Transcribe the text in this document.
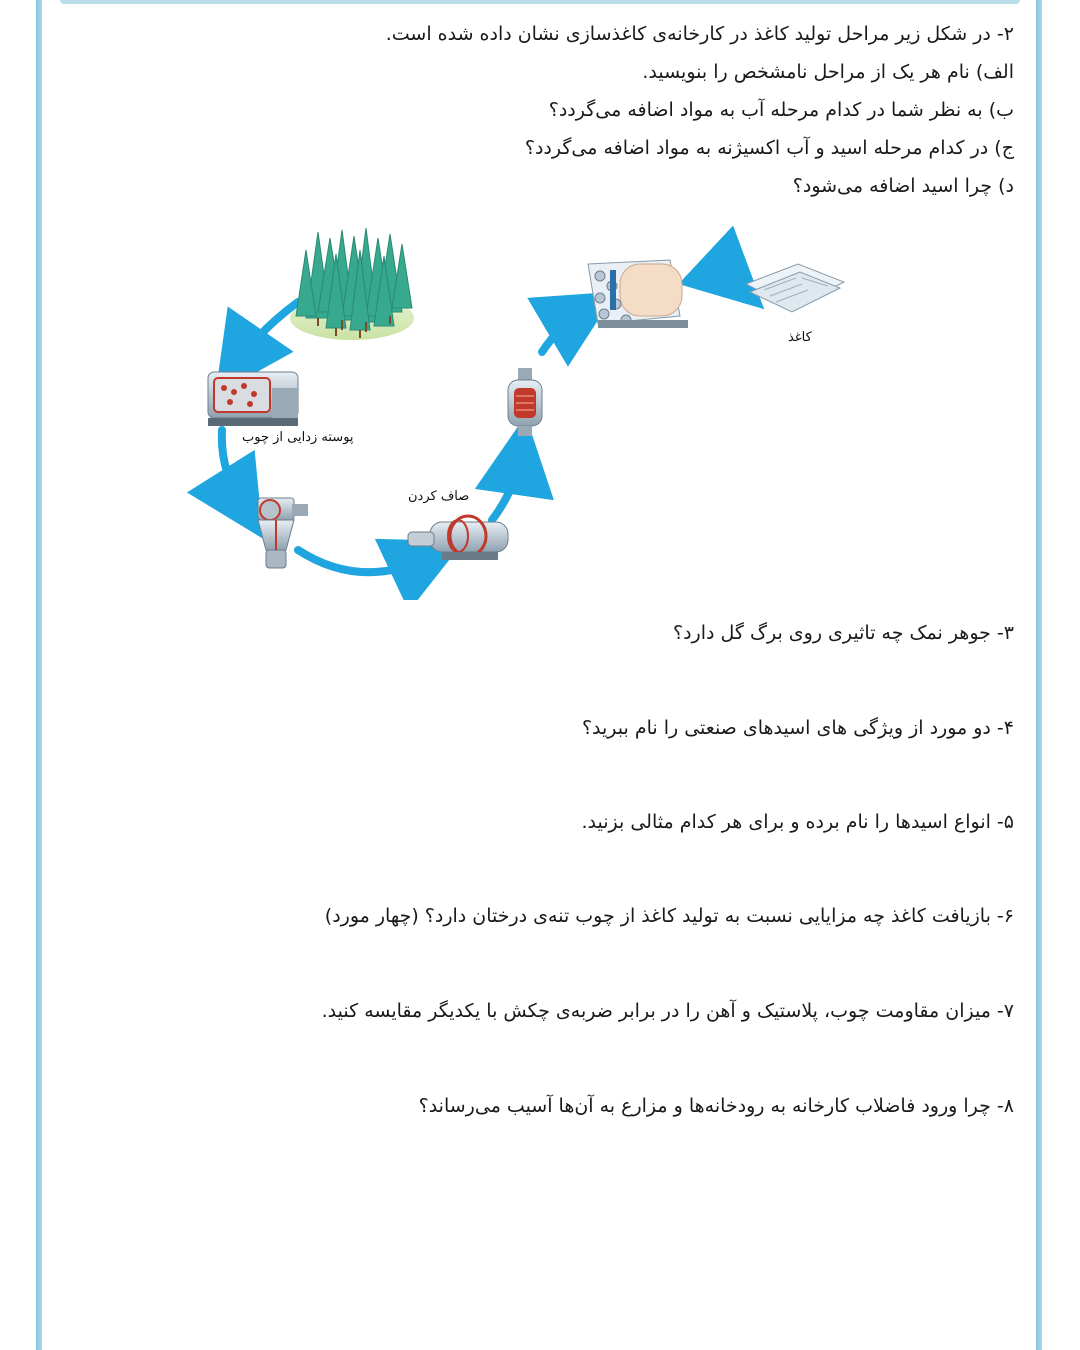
۲- در شکل زیر مراحل تولید کاغذ در کارخانه‌ی کاغذسازی نشان داده شده است.
الف) نام هر یک از مراحل نامشخص را بنویسید.
ب) به نظر شما در کدام مرحله آب به مواد اضافه می‌گردد؟
ج) در کدام مرحله اسید و آب اکسیژنه به مواد اضافه می‌گردد؟
د) چرا اسید اضافه می‌شود؟
پوسته زدایی از چوب
صاف کردن
کاغذ
۳- جوهر نمک چه تاثیری روی برگ گل دارد؟
۴- دو مورد از ویژگی های اسیدهای صنعتی را نام ببرید؟
۵- انواع اسیدها را نام برده و برای هر کدام مثالی بزنید.
۶- بازیافت کاغذ چه مزایایی نسبت به تولید کاغذ از چوب تنه‌ی درختان دارد؟ (چهار مورد)
۷- میزان مقاومت چوب، پلاستیک و آهن را در برابر ضربه‌ی چکش با یکدیگر مقایسه کنید.
۸- چرا ورود فاضلاب کارخانه به رودخانه‌ها و مزارع به آن‌ها آسیب می‌رساند؟
